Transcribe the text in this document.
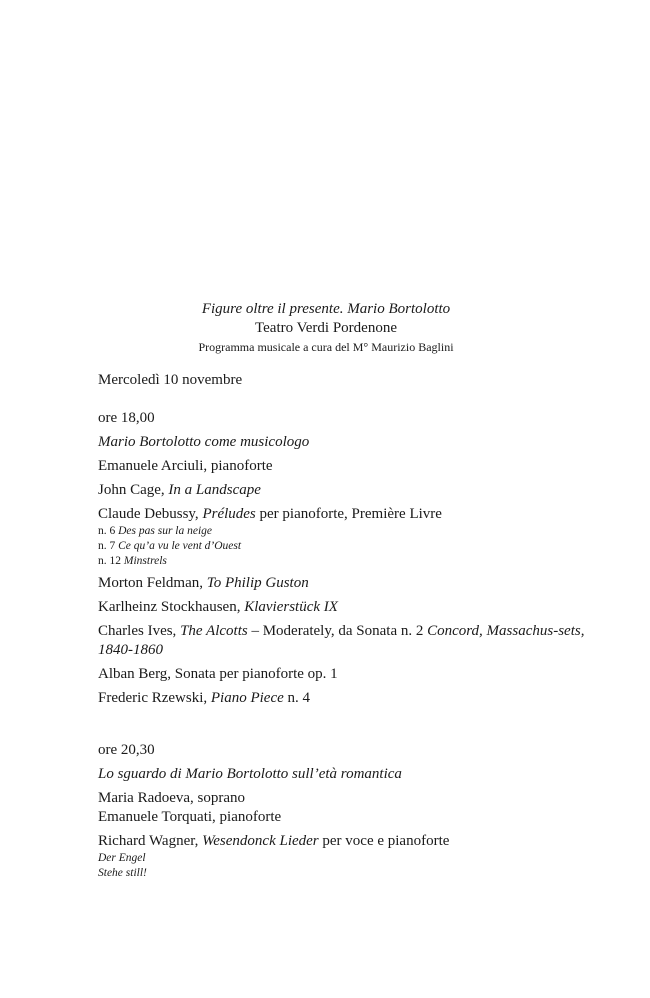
Figure oltre il presente. Mario Bortolotto
Teatro Verdi Pordenone
Programma musicale a cura del M° Maurizio Baglini
Mercoledì 10 novembre
ore 18,00
Mario Bortolotto come musicologo
Emanuele Arciuli, pianoforte
John Cage, In a Landscape
Claude Debussy, Préludes per pianoforte, Première Livre
n. 6 Des pas sur la neige
n. 7 Ce qu’a vu le vent d’Ouest
n. 12 Minstrels
Morton Feldman, To Philip Guston
Karlheinz Stockhausen, Klavierstück IX
Charles Ives, The Alcotts – Moderately, da Sonata n. 2 Concord, Massachus-sets, 1840-1860
Alban Berg, Sonata per pianoforte op. 1
Frederic Rzewski, Piano Piece n. 4
ore 20,30
Lo sguardo di Mario Bortolotto sull’età romantica
Maria Radoeva, soprano
Emanuele Torquati, pianoforte
Richard Wagner, Wesendonck Lieder per voce e pianoforte
Der Engel
Stehe still!
